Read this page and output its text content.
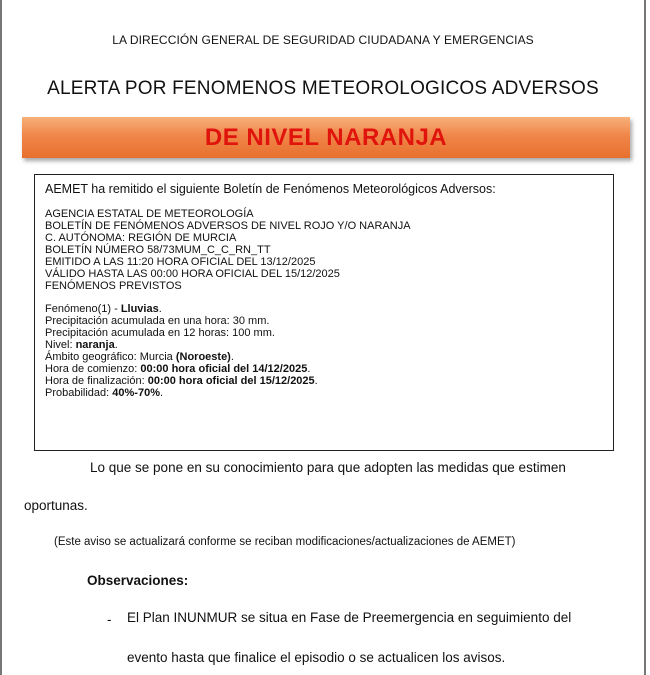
LA DIRECCIÓN GENERAL DE SEGURIDAD CIUDADANA Y EMERGENCIAS
ALERTA POR FENOMENOS METEOROLOGICOS ADVERSOS
DE NIVEL NARANJA
AEMET ha remitido el siguiente Boletín de Fenómenos Meteorológicos Adversos:
AGENCIA ESTATAL DE METEOROLOGÍA
BOLETÍN DE FENÓMENOS ADVERSOS DE NIVEL ROJO Y/O NARANJA
C. AUTÓNOMA: REGIÓN DE MURCIA
BOLETÍN NÚMERO 58/73MUM_C_C_RN_TT
EMITIDO A LAS 11:20 HORA OFICIAL DEL 13/12/2025
VÁLIDO HASTA LAS 00:00 HORA OFICIAL DEL 15/12/2025
FENÓMENOS PREVISTOS
Fenómeno(1) - Lluvias.
Precipitación acumulada en una hora: 30 mm.
Precipitación acumulada en 12 horas: 100 mm.
Nivel: naranja.
Ámbito geográfico: Murcia (Noroeste).
Hora de comienzo: 00:00 hora oficial del 14/12/2025.
Hora de finalización: 00:00 hora oficial del 15/12/2025.
Probabilidad: 40%-70%.
Lo que se pone en su conocimiento para que adopten las medidas que estimen
oportunas.
(Este aviso se actualizará conforme se reciban modificaciones/actualizaciones de AEMET)
Observaciones:
- El Plan INUNMUR se situa en Fase de Preemergencia en seguimiento del
evento hasta que finalice el episodio o se actualicen los avisos.
